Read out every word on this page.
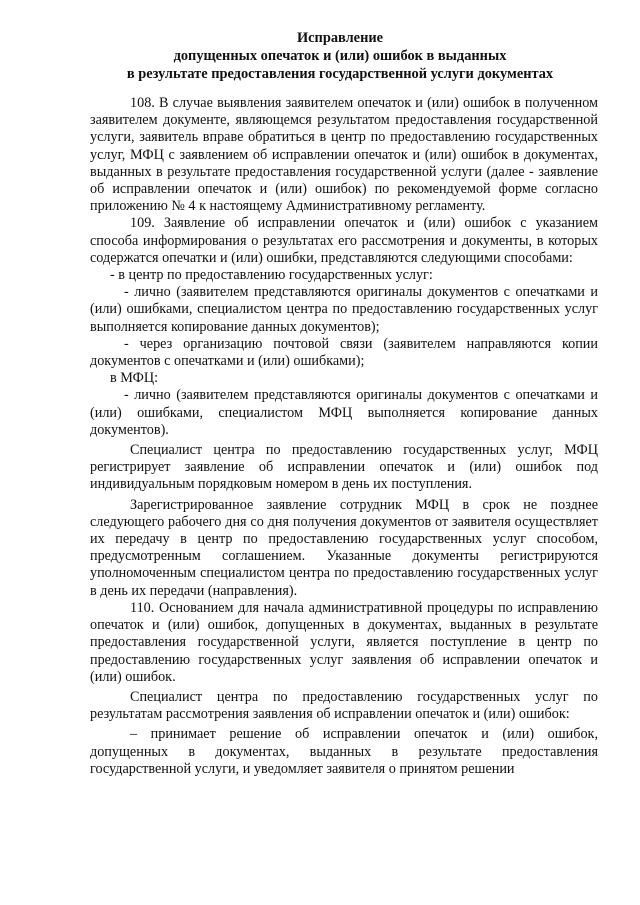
Исправление
допущенных опечаток и (или) ошибок в выданных
в результате предоставления государственной услуги документах

108. В случае выявления заявителем опечаток и (или) ошибок в полученном заявителем документе, являющемся результатом предоставления государственной услуги, заявитель вправе обратиться в центр по предоставлению государственных услуг, МФЦ с заявлением об исправлении опечаток и (или) ошибок в документах, выданных в результате предоставления государственной услуги (далее - заявление об исправлении опечаток и (или) ошибок) по рекомендуемой форме согласно приложению № 4 к настоящему Административному регламенту.

109. Заявление об исправлении опечаток и (или) ошибок с указанием способа информирования о результатах его рассмотрения и документы, в которых содержатся опечатки и (или) ошибки, представляются следующими способами:

- в центр по предоставлению государственных услуг:

- лично (заявителем представляются оригиналы документов с опечатками и (или) ошибками, специалистом центра по предоставлению государственных услуг выполняется копирование данных документов);

- через организацию почтовой связи (заявителем направляются копии документов с опечатками и (или) ошибками);

в МФЦ:

- лично (заявителем представляются оригиналы документов с опечатками и (или) ошибками, специалистом МФЦ выполняется копирование данных документов).

Специалист центра по предоставлению государственных услуг, МФЦ регистрирует заявление об исправлении опечаток и (или) ошибок под индивидуальным порядковым номером в день их поступления.

Зарегистрированное заявление сотрудник МФЦ в срок не позднее следующего рабочего дня со дня получения документов от заявителя осуществляет их передачу в центр по предоставлению государственных услуг способом, предусмотренным соглашением. Указанные документы регистрируются уполномоченным специалистом центра по предоставлению государственных услуг в день их передачи (направления).

110. Основанием для начала административной процедуры по исправлению опечаток и (или) ошибок, допущенных в документах, выданных в результате предоставления государственной услуги, является поступление в центр по предоставлению государственных услуг заявления об исправлении опечаток и (или) ошибок.

Специалист центра по предоставлению государственных услуг по результатам рассмотрения заявления об исправлении опечаток и (или) ошибок:

– принимает решение об исправлении опечаток и (или) ошибок, допущенных в документах, выданных в результате предоставления государственной услуги, и уведомляет заявителя о принятом решении
